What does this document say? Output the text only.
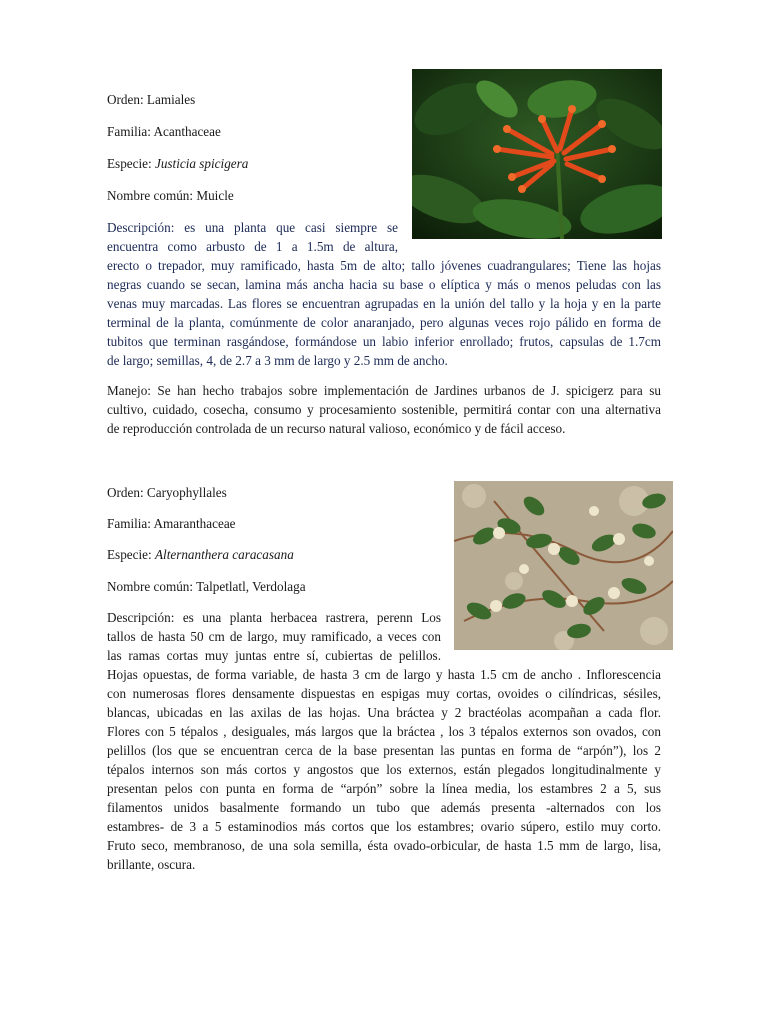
Orden: Lamiales
Familia: Acanthaceae
Especie: Justicia spicigera
Nombre común: Muicle
Descripción: es una planta que casi siempre se
encuentra como arbusto de 1 a 1.5m de altura,
erecto o trepador, muy ramificado, hasta 5m de alto; tallo jóvenes cuadrangulares; Tiene las hojas
negras cuando se secan, lamina más ancha hacia su base o elíptica y más o menos peludas con las
venas muy marcadas. Las flores se encuentran agrupadas en la unión del tallo y la hoja y en la parte
terminal de la planta, comúnmente de color anaranjado, pero algunas veces rojo pálido en forma de
tubitos que terminan rasgándose, formándose un labio inferior enrollado; frutos, capsulas de 1.7cm
de largo; semillas, 4, de 2.7 a 3 mm de largo y 2.5 mm de ancho.
Manejo: Se han hecho trabajos sobre implementación de Jardines urbanos de J. spicigerz para su
cultivo, cuidado, cosecha, consumo y procesamiento sostenible, permitirá contar con una alternativa
de reproducción controlada de un recurso natural valioso, económico y de fácil acceso.
Orden: Caryophyllales
Familia: Amaranthaceae
Especie: Alternanthera caracasana
Nombre común: Talpetlatl, Verdolaga
Descripción: es una planta herbacea rastrera, perenn Los
tallos de hasta 50 cm de largo, muy ramificado, a veces con
las ramas cortas muy juntas entre sí, cubiertas de pelillos.
Hojas opuestas, de forma variable, de hasta 3 cm de largo y hasta 1.5 cm de ancho . Inflorescencia
con numerosas flores densamente dispuestas en espigas muy cortas, ovoides o cilíndricas, sésiles,
blancas, ubicadas en las axilas de las hojas. Una bráctea y 2 bractéolas acompañan a cada flor.
Flores con 5 tépalos , desiguales, más largos que la bráctea , los 3 tépalos externos son ovados, con
pelillos (los que se encuentran cerca de la base presentan las puntas en forma de “arpón”), los 2
tépalos internos son más cortos y angostos que los externos, están plegados longitudinalmente y
presentan pelos con punta en forma de “arpón” sobre la línea media, los estambres 2 a 5, sus
filamentos unidos basalmente formando un tubo que además presenta -alternados con los
estambres- de 3 a 5 estaminodios más cortos que los estambres; ovario súpero, estilo muy corto.
Fruto seco, membranoso, de una sola semilla, ésta ovado-orbicular, de hasta 1.5 mm de largo, lisa,
brillante, oscura.
